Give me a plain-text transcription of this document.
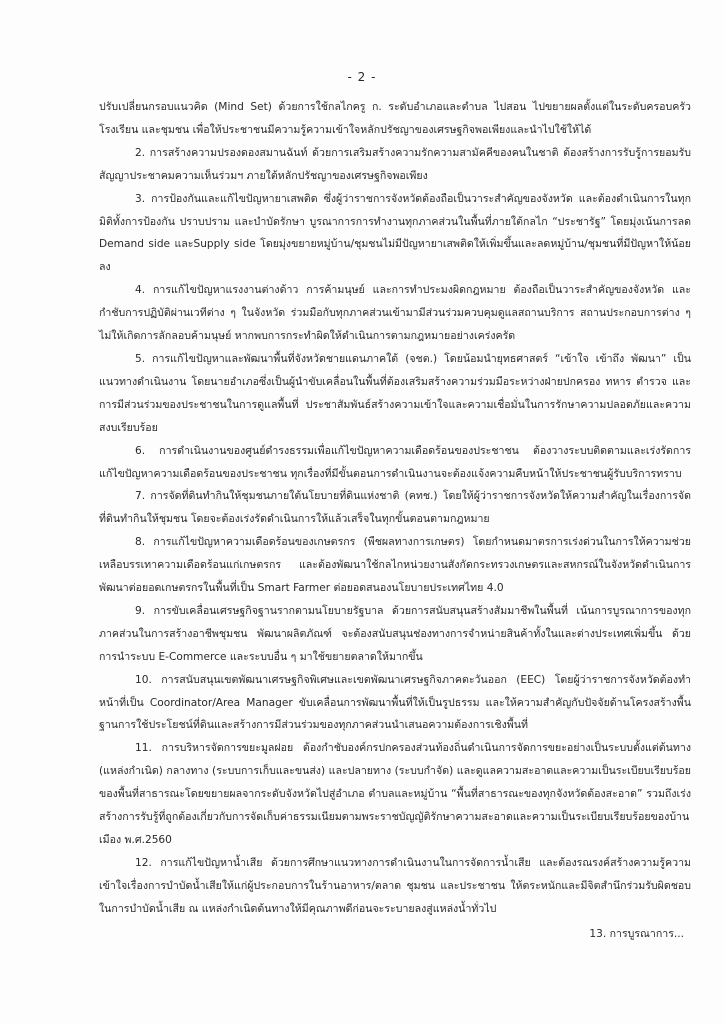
- 2 -

ปรับเปลี่ยนกรอบแนวคิด (Mind Set) ด้วยการใช้กลไกครู ก. ระดับอำเภอและตำบล ไปสอน ไปขยายผลตั้งแต่ในระดับครอบครัว โรงเรียน และชุมชน เพื่อให้ประชาชนมีความรู้ความเข้าใจหลักปรัชญาของเศรษฐกิจพอเพียงและนำไปใช้ให้ได้

2. การสร้างความปรองดองสมานฉันท์ ด้วยการเสริมสร้างความรักความสามัคคีของคนในชาติ ต้องสร้างการรับรู้การยอมรับ สัญญาประชาคมความเห็นร่วมฯ ภายใต้หลักปรัชญาของเศรษฐกิจพอเพียง

3. การป้องกันและแก้ไขปัญหายาเสพติด ซึ่งผู้ว่าราชการจังหวัดต้องถือเป็นวาระสำคัญของจังหวัด และต้องดำเนินการในทุกมิติทั้งการป้องกัน ปราบปราม และบำบัดรักษา บูรณาการการทำงานทุกภาคส่วนในพื้นที่ภายใต้กลไก “ประชารัฐ” โดยมุ่งเน้นการลด Demand side และSupply side โดยมุ่งขยายหมู่บ้าน/ชุมชนไม่มีปัญหายาเสพติดให้เพิ่มขึ้นและลดหมู่บ้าน/ชุมชนที่มีปัญหาให้น้อยลง

4. การแก้ไขปัญหาแรงงานต่างด้าว การค้ามนุษย์ และการทำประมงผิดกฎหมาย ต้องถือเป็นวาระสำคัญของจังหวัด และกำชับการปฏิบัติผ่านเวทีต่าง ๆ ในจังหวัด ร่วมมือกับทุกภาคส่วนเข้ามามีส่วนร่วมควบคุมดูแลสถานบริการ สถานประกอบการต่าง ๆ ไม่ให้เกิดการลักลอบค้ามนุษย์ หากพบการกระทำผิดให้ดำเนินการตามกฎหมายอย่างเคร่งครัด

5. การแก้ไขปัญหาและพัฒนาพื้นที่จังหวัดชายแดนภาคใต้ (จชต.) โดยน้อมนำยุทธศาสตร์ “เข้าใจ เข้าถึง พัฒนา” เป็นแนวทางดำเนินงาน โดยนายอำเภอซึ่งเป็นผู้นำขับเคลื่อนในพื้นที่ต้องเสริมสร้างความร่วมมือระหว่างฝ่ายปกครอง ทหาร ตำรวจ และการมีส่วนร่วมของประชาชนในการดูแลพื้นที่ ประชาสัมพันธ์สร้างความเข้าใจและความเชื่อมั่นในการรักษาความปลอดภัยและความสงบเรียบร้อย

6. การดำเนินงานของศูนย์ดำรงธรรมเพื่อแก้ไขปัญหาความเดือดร้อนของประชาชน ต้องวางระบบติดตามและเร่งรัดการแก้ไขปัญหาความเดือดร้อนของประชาชน ทุกเรื่องที่มีขั้นตอนการดำเนินงานจะต้องแจ้งความคืบหน้าให้ประชาชนผู้รับบริการทราบ

7. การจัดที่ดินทำกินให้ชุมชนภายใต้นโยบายที่ดินแห่งชาติ (คทช.) โดยให้ผู้ว่าราชการจังหวัดให้ความสำคัญในเรื่องการจัดที่ดินทำกินให้ชุมชน โดยจะต้องเร่งรัดดำเนินการให้แล้วเสร็จในทุกขั้นตอนตามกฎหมาย

8. การแก้ไขปัญหาความเดือดร้อนของเกษตรกร (พืชผลทางการเกษตร) โดยกำหนดมาตรการเร่งด่วนในการให้ความช่วยเหลือบรรเทาความเดือดร้อนแก่เกษตรกร และต้องพัฒนาใช้กลไกหน่วยงานสังกัดกระทรวงเกษตรและสหกรณ์ในจังหวัดดำเนินการพัฒนาต่อยอดเกษตรกรในพื้นที่เป็น Smart Farmer ต่อยอดสนองนโยบายประเทศไทย 4.0

9. การขับเคลื่อนเศรษฐกิจฐานรากตามนโยบายรัฐบาล ด้วยการสนับสนุนสร้างสัมมาชีพในพื้นที่ เน้นการบูรณาการของทุกภาคส่วนในการสร้างอาชีพชุมชน พัฒนาผลิตภัณฑ์ จะต้องสนับสนุนช่องทางการจำหน่ายสินค้าทั้งในและต่างประเทศเพิ่มขึ้น ด้วยการนำระบบ E-Commerce และระบบอื่น ๆ มาใช้ขยายตลาดให้มากขึ้น

10. การสนับสนุนเขตพัฒนาเศรษฐกิจพิเศษและเขตพัฒนาเศรษฐกิจภาคตะวันออก (EEC) โดยผู้ว่าราชการจังหวัดต้องทำหน้าที่เป็น Coordinator/Area Manager ขับเคลื่อนการพัฒนาพื้นที่ให้เป็นรูปธรรม และให้ความสำคัญกับปัจจัยด้านโครงสร้างพื้นฐานการใช้ประโยชน์ที่ดินและสร้างการมีส่วนร่วมของทุกภาคส่วนนำเสนอความต้องการเชิงพื้นที่

11. การบริหารจัดการขยะมูลฝอย ต้องกำชับองค์กรปกครองส่วนท้องถิ่นดำเนินการจัดการขยะอย่างเป็นระบบตั้งแต่ต้นทาง (แหล่งกำเนิด) กลางทาง (ระบบการเก็บและขนส่ง) และปลายทาง (ระบบกำจัด) และดูแลความสะอาดและความเป็นระเบียบเรียบร้อยของพื้นที่สาธารณะโดยขยายผลจากระดับจังหวัดไปสู่อำเภอ ตำบลและหมู่บ้าน “พื้นที่สาธารณะของทุกจังหวัดต้องสะอาด” รวมถึงเร่งสร้างการรับรู้ที่ถูกต้องเกี่ยวกับการจัดเก็บค่าธรรมเนียมตามพระราชบัญญัติรักษาความสะอาดและความเป็นระเบียบเรียบร้อยของบ้านเมือง พ.ศ.2560

12. การแก้ไขปัญหาน้ำเสีย ด้วยการศึกษาแนวทางการดำเนินงานในการจัดการน้ำเสีย และต้องรณรงค์สร้างความรู้ความเข้าใจเรื่องการบำบัดน้ำเสียให้แก่ผู้ประกอบการในร้านอาหาร/ตลาด ชุมชน และประชาชน ให้ตระหนักและมีจิตสำนึกร่วมรับผิดชอบในการบำบัดน้ำเสีย ณ แหล่งกำเนิดต้นทางให้มีคุณภาพดีก่อนจะระบายลงสู่แหล่งน้ำทั่วไป

13. การบูรณาการ...
